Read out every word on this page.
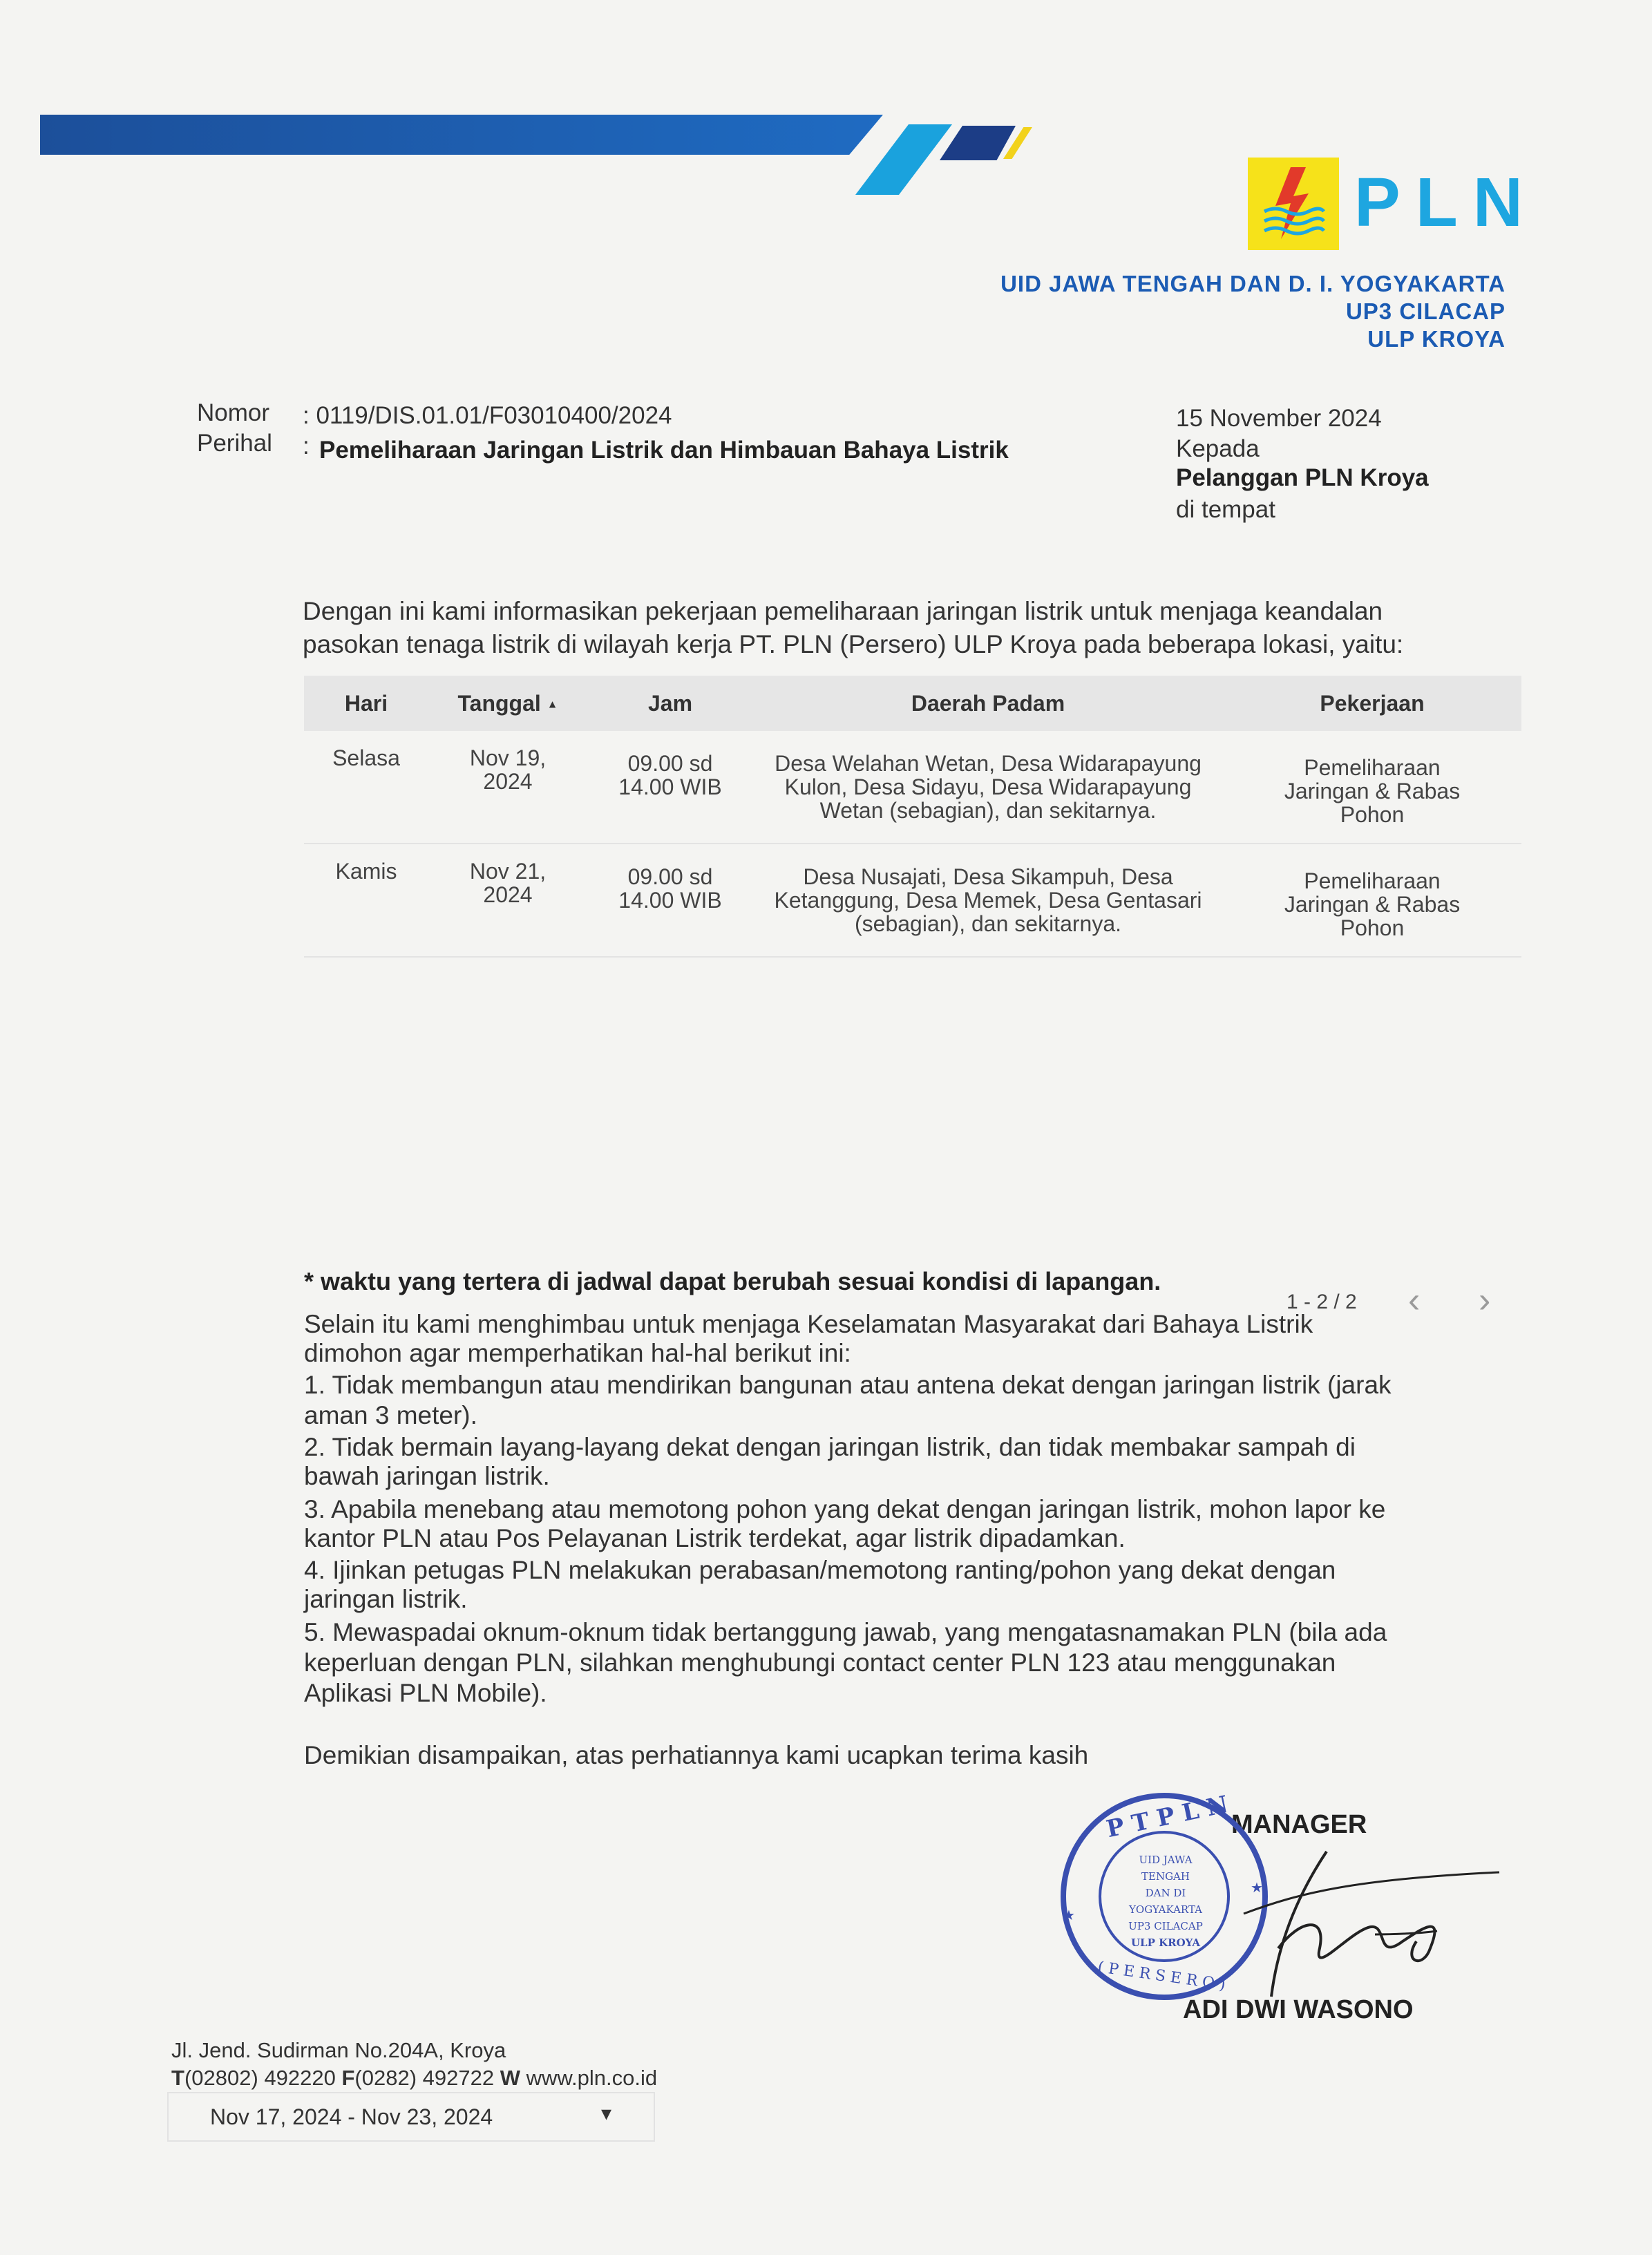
PLN
UID JAWA TENGAH DAN D. I. YOGYAKARTA
UP3 CILACAP
ULP KROYA
Nomor : 0119/DIS.01.01/F03010400/2024
Perihal : Pemeliharaan Jaringan Listrik dan Himbauan Bahaya Listrik
15 November 2024
Kepada
Pelanggan PLN Kroya
di tempat
Dengan ini kami informasikan pekerjaan pemeliharaan jaringan listrik untuk menjaga keandalan
pasokan tenaga listrik di wilayah kerja PT. PLN (Persero) ULP Kroya pada beberapa lokasi, yaitu:
Hari	Tanggal ▲	Jam	Daerah Padam	Pekerjaan
Selasa	Nov 19,
2024

09.00 sd
14.00 WIB

Desa Welahan Wetan, Desa Widarapayung
Kulon, Desa Sidayu, Desa Widarapayung
Wetan (sebagian), dan sekitarnya.

Pemeliharaan
Jaringan & Rabas
Pohon

Kamis	Nov 21,
2024

09.00 sd
14.00 WIB

Desa Nusajati, Desa Sikampuh, Desa
Ketanggung, Desa Memek, Desa Gentasari
(sebagian), dan sekitarnya.

Pemeliharaan
Jaringan & Rabas
Pohon
* waktu yang tertera di jadwal dapat berubah sesuai kondisi di lapangan.
1 - 2 / 2 ‹ ›
Selain itu kami menghimbau untuk menjaga Keselamatan Masyarakat dari Bahaya Listrik
dimohon agar memperhatikan hal-hal berikut ini:
1. Tidak membangun atau mendirikan bangunan atau antena dekat dengan jaringan listrik (jarak
aman 3 meter).
2. Tidak bermain layang-layang dekat dengan jaringan listrik, dan tidak membakar sampah di
bawah jaringan listrik.
3. Apabila menebang atau memotong pohon yang dekat dengan jaringan listrik, mohon lapor ke
kantor PLN atau Pos Pelayanan Listrik terdekat, agar listrik dipadamkan.
4. Ijinkan petugas PLN melakukan perabasan/memotong ranting/pohon yang dekat dengan
jaringan listrik.
5. Mewaspadai oknum-oknum tidak bertanggung jawab, yang mengatasnamakan PLN (bila ada
keperluan dengan PLN, silahkan menghubungi contact center PLN 123 atau menggunakan
Aplikasi PLN Mobile).
Demikian disampaikan, atas perhatiannya kami ucapkan terima kasih
MANAGER
P T P L N
UID JAWA TENGAH
DAN DI YOGYAKARTA
UP3 CILACAP
ULP KROYA
( P E R S E R O )
★
★
ADI DWI WASONO
Jl. Jend. Sudirman No.204A, Kroya
T(02802) 492220 F(0282) 492722 W www.pln.co.id
Nov 17, 2024 - Nov 23, 2024	▾
